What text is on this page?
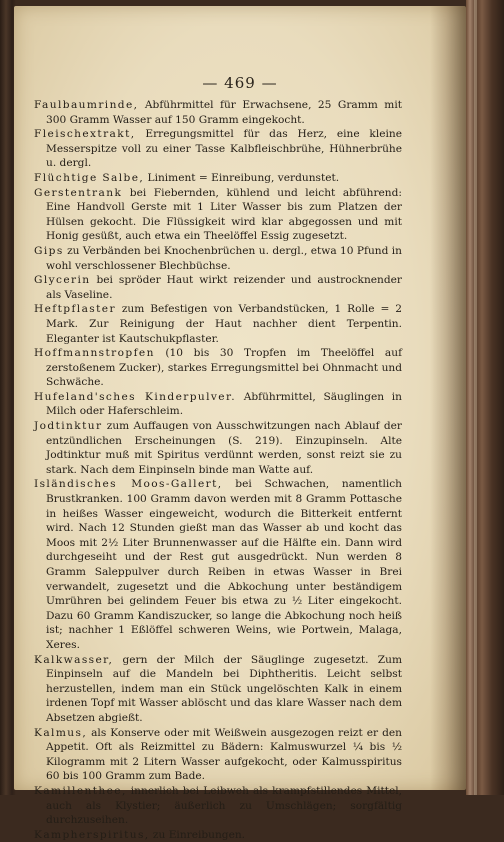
— 469 —

Faulbaumrinde, Abführmittel für Erwachsene, 25 Gramm mit 300 Gramm Wasser auf 150 Gramm eingekocht.

Fleischextrakt, Erregungsmittel für das Herz, eine kleine Messerspitze voll zu einer Tasse Kalbfleischbrühe, Hühnerbrühe u. dergl.

Flüchtige Salbe, Liniment = Einreibung, verdunstet.

Gerstentrank bei Fiebernden, kühlend und leicht abführend: Eine Handvoll Gerste mit 1 Liter Wasser bis zum Platzen der Hülsen gekocht. Die Flüssigkeit wird klar abgegossen und mit Honig gesüßt, auch etwa ein Theelöffel Essig zugesetzt.

Gips zu Verbänden bei Knochenbrüchen u. dergl., etwa 10 Pfund in wohl verschlossener Blechbüchse.

Glycerin bei spröder Haut wirkt reizender und austrocknender als Vaseline.

Heftpflaster zum Befestigen von Verbandstücken, 1 Rolle = 2 Mark. Zur Reinigung der Haut nachher dient Terpentin. Eleganter ist Kautschukpflaster.

Hoffmannstropfen (10 bis 30 Tropfen im Theelöffel auf zerstoßenem Zucker), starkes Erregungsmittel bei Ohnmacht und Schwäche.

Hufeland'sches Kinderpulver. Abführmittel, Säuglingen in Milch oder Haferschleim.

Jodtinktur zum Auffaugen von Ausschwitzungen nach Ablauf der entzündlichen Erscheinungen (S. 219). Einzupinseln. Alte Jodtinktur muß mit Spiritus verdünnt werden, sonst reizt sie zu stark. Nach dem Einpinseln binde man Watte auf.

Isländisches Moos-Gallert, bei Schwachen, namentlich Brustkranken. 100 Gramm davon werden mit 8 Gramm Pottasche in heißes Wasser eingeweicht, wodurch die Bitterkeit entfernt wird. Nach 12 Stunden gießt man das Wasser ab und kocht das Moos mit 2½ Liter Brunnenwasser auf die Hälfte ein. Dann wird durchgeseiht und der Rest gut ausgedrückt. Nun werden 8 Gramm Saleppulver durch Reiben in etwas Wasser in Brei verwandelt, zugesetzt und die Abkochung unter beständigem Umrühren bei gelindem Feuer bis etwa zu ½ Liter eingekocht. Dazu 60 Gramm Kandiszucker, so lange die Abkochung noch heiß ist; nachher 1 Eßlöffel schweren Weins, wie Portwein, Malaga, Xeres.

Kalkwasser, gern der Milch der Säuglinge zugesetzt. Zum Einpinseln auf die Mandeln bei Diphtheritis. Leicht selbst herzustellen, indem man ein Stück ungelöschten Kalk in einem irdenen Topf mit Wasser ablöscht und das klare Wasser nach dem Absetzen abgießt.

Kalmus, als Konserve oder mit Weißwein ausgezogen reizt er den Appetit. Oft als Reizmittel zu Bädern: Kalmuswurzel ¼ bis ½ Kilogramm mit 2 Litern Wasser aufgekocht, oder Kalmusspiritus 60 bis 100 Gramm zum Bade.

Kamillenthee, innerlich bei Leibweh als krampfstillendes Mittel, auch als Klystier; äußerlich zu Umschlägen; sorgfältig durchzuseihen.

Kampherspiritus, zu Einreibungen.
